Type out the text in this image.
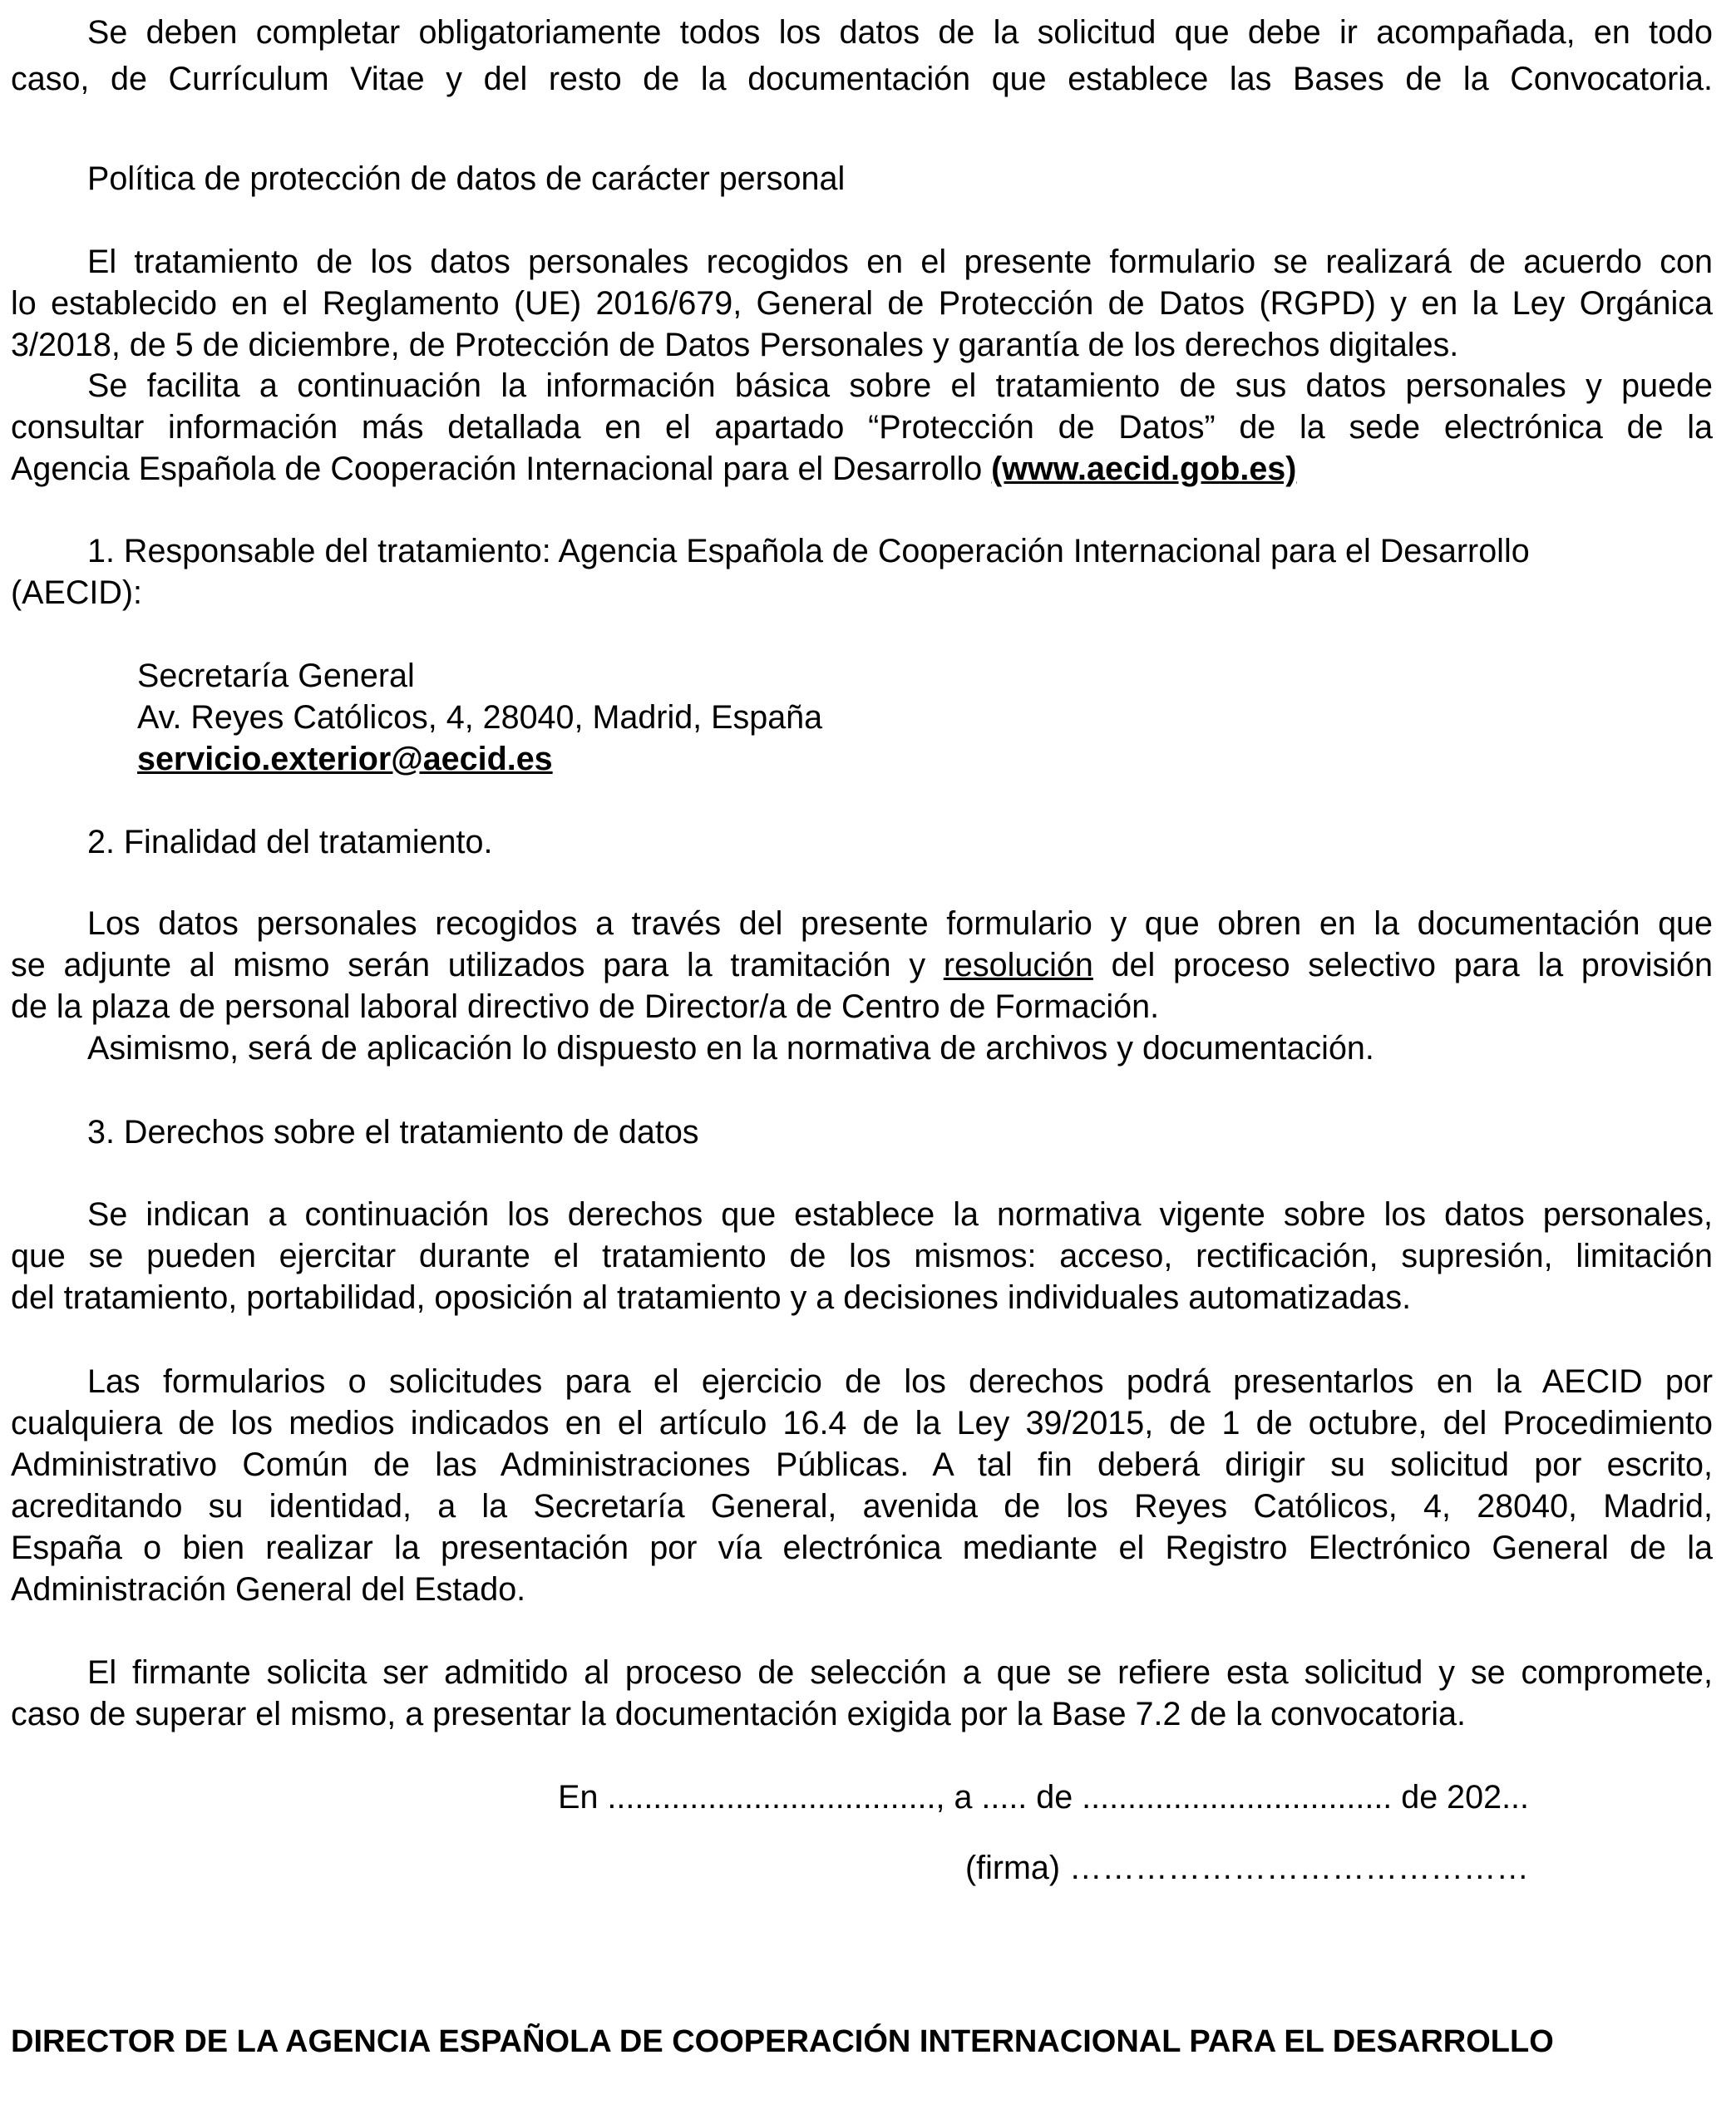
Se deben completar obligatoriamente todos los datos de la solicitud que debe ir acompañada, en todo
caso, de Currículum Vitae y del resto de la documentación que establece las Bases de la Convocatoria.
Política de protección de datos de carácter personal
El tratamiento de los datos personales recogidos en el presente formulario se realizará de acuerdo con
lo establecido en el Reglamento (UE) 2016/679, General de Protección de Datos (RGPD) y en la Ley Orgánica
3/2018, de 5 de diciembre, de Protección de Datos Personales y garantía de los derechos digitales.
Se facilita a continuación la información básica sobre el tratamiento de sus datos personales y puede
consultar información más detallada en el apartado “Protección de Datos” de la sede electrónica de la
Agencia Española de Cooperación Internacional para el Desarrollo (www.aecid.gob.es)
1. Responsable del tratamiento: Agencia Española de Cooperación Internacional para el Desarrollo
(AECID):
Secretaría General
Av. Reyes Católicos, 4, 28040, Madrid, España
servicio.exterior@aecid.es
2. Finalidad del tratamiento.
Los datos personales recogidos a través del presente formulario y que obren en la documentación que
se adjunte al mismo serán utilizados para la tramitación y resolución del proceso selectivo para la provisión
de la plaza de personal laboral directivo de Director/a de Centro de Formación.
Asimismo, será de aplicación lo dispuesto en la normativa de archivos y documentación.
3. Derechos sobre el tratamiento de datos
Se indican a continuación los derechos que establece la normativa vigente sobre los datos personales,
que se pueden ejercitar durante el tratamiento de los mismos: acceso, rectificación, supresión, limitación
del tratamiento, portabilidad, oposición al tratamiento y a decisiones individuales automatizadas.
Las formularios o solicitudes para el ejercicio de los derechos podrá presentarlos en la AECID por
cualquiera de los medios indicados en el artículo 16.4 de la Ley 39/2015, de 1 de octubre, del Procedimiento
Administrativo Común de las Administraciones Públicas. A tal fin deberá dirigir su solicitud por escrito,
acreditando su identidad, a la Secretaría General, avenida de los Reyes Católicos, 4, 28040, Madrid,
España o bien realizar la presentación por vía electrónica mediante el Registro Electrónico General de la
Administración General del Estado.
El firmante solicita ser admitido al proceso de selección a que se refiere esta solicitud y se compromete,
caso de superar el mismo, a presentar la documentación exigida por la Base 7.2 de la convocatoria.
En ...................................., a ..... de .................................. de 202...
(firma) ……………………………………
DIRECTOR DE LA AGENCIA ESPAÑOLA DE COOPERACIÓN INTERNACIONAL PARA EL DESARROLLO
